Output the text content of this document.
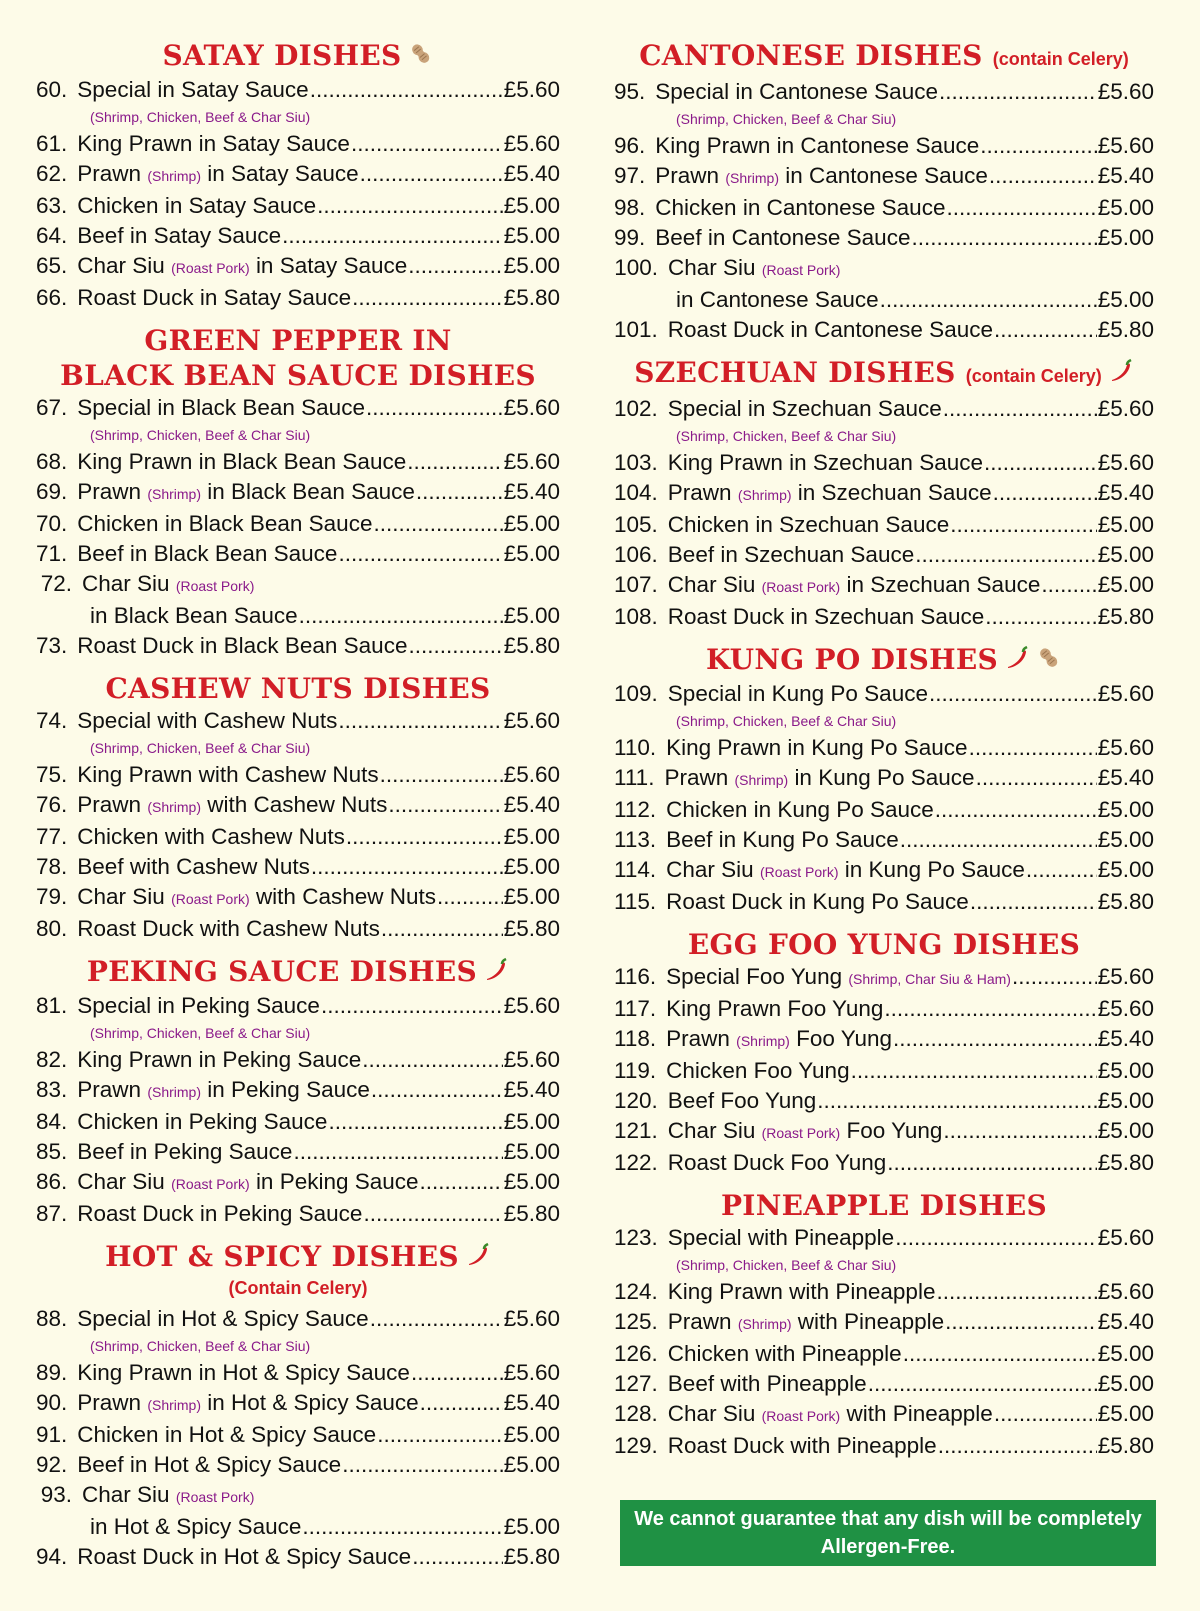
SATAY DISHES
60. Special in Satay Sauce .....	£5.60
(Shrimp, Chicken, Beef & Char Siu)
61. King Prawn in Satay Sauce .....	£5.60
62. Prawn (Shrimp) in Satay Sauce .....	£5.40
63. Chicken in Satay Sauce .....	£5.00
64. Beef in Satay Sauce .....	£5.00
65. Char Siu (Roast Pork) in Satay Sauce .....	£5.00
66. Roast Duck in Satay Sauce .....	£5.80
GREEN PEPPER IN
BLACK BEAN SAUCE DISHES
67. Special in Black Bean Sauce .....	£5.60
(Shrimp, Chicken, Beef & Char Siu)
68. King Prawn in Black Bean Sauce .....	£5.60
69. Prawn (Shrimp) in Black Bean Sauce .....	£5.40
70. Chicken in Black Bean Sauce .....	£5.00
71. Beef in Black Bean Sauce .....	£5.00
72. Char Siu (Roast Pork)
in Black Bean Sauce .....	£5.00
73. Roast Duck in Black Bean Sauce .....	£5.80
CASHEW NUTS DISHES
74. Special with Cashew Nuts .....	£5.60
(Shrimp, Chicken, Beef & Char Siu)
75. King Prawn with Cashew Nuts .....	£5.60
76. Prawn (Shrimp) with Cashew Nuts .....	£5.40
77. Chicken with Cashew Nuts .....	£5.00
78. Beef with Cashew Nuts .....	£5.00
79. Char Siu (Roast Pork) with Cashew Nuts .....	£5.00
80. Roast Duck with Cashew Nuts .....	£5.80
PEKING SAUCE DISHES
81. Special in Peking Sauce .....	£5.60
(Shrimp, Chicken, Beef & Char Siu)
82. King Prawn in Peking Sauce .....	£5.60
83. Prawn (Shrimp) in Peking Sauce .....	£5.40
84. Chicken in Peking Sauce .....	£5.00
85. Beef in Peking Sauce .....	£5.00
86. Char Siu (Roast Pork) in Peking Sauce .....	£5.00
87. Roast Duck in Peking Sauce .....	£5.80
HOT & SPICY DISHES
(Contain Celery)
88. Special in Hot & Spicy Sauce .....	£5.60
(Shrimp, Chicken, Beef & Char Siu)
89. King Prawn in Hot & Spicy Sauce .....	£5.60
90. Prawn (Shrimp) in Hot & Spicy Sauce .....	£5.40
91. Chicken in Hot & Spicy Sauce .....	£5.00
92. Beef in Hot & Spicy Sauce .....	£5.00
93. Char Siu (Roast Pork)
in Hot & Spicy Sauce .....	£5.00
94. Roast Duck in Hot & Spicy Sauce .....	£5.80
CANTONESE DISHES (contain Celery)
95. Special in Cantonese Sauce .....	£5.60
(Shrimp, Chicken, Beef & Char Siu)
96. King Prawn in Cantonese Sauce .....	£5.60
97. Prawn (Shrimp) in Cantonese Sauce .....	£5.40
98. Chicken in Cantonese Sauce .....	£5.00
99. Beef in Cantonese Sauce .....	£5.00
100. Char Siu (Roast Pork)
in Cantonese Sauce .....	£5.00
101. Roast Duck in Cantonese Sauce .....	£5.80
SZECHUAN DISHES (contain Celery)
102. Special in Szechuan Sauce .....	£5.60
(Shrimp, Chicken, Beef & Char Siu)
103. King Prawn in Szechuan Sauce .....	£5.60
104. Prawn (Shrimp) in Szechuan Sauce .....	£5.40
105. Chicken in Szechuan Sauce .....	£5.00
106. Beef in Szechuan Sauce .....	£5.00
107. Char Siu (Roast Pork) in Szechuan Sauce .....	£5.00
108. Roast Duck in Szechuan Sauce .....	£5.80
KUNG PO DISHES
109. Special in Kung Po Sauce .....	£5.60
(Shrimp, Chicken, Beef & Char Siu)
110. King Prawn in Kung Po Sauce .....	£5.60
111. Prawn (Shrimp) in Kung Po Sauce .....	£5.40
112. Chicken in Kung Po Sauce .....	£5.00
113. Beef in Kung Po Sauce .....	£5.00
114. Char Siu (Roast Pork) in Kung Po Sauce .....	£5.00
115. Roast Duck in Kung Po Sauce .....	£5.80
EGG FOO YUNG DISHES
116. Special Foo Yung (Shrimp, Char Siu & Ham) .....	£5.60
117. King Prawn Foo Yung .....	£5.60
118. Prawn (Shrimp) Foo Yung .....	£5.40
119. Chicken Foo Yung .....	£5.00
120. Beef Foo Yung .....	£5.00
121. Char Siu (Roast Pork) Foo Yung .....	£5.00
122. Roast Duck Foo Yung .....	£5.80
PINEAPPLE DISHES
123. Special with Pineapple .....	£5.60
(Shrimp, Chicken, Beef & Char Siu)
124. King Prawn with Pineapple .....	£5.60
125. Prawn (Shrimp) with Pineapple .....	£5.40
126. Chicken with Pineapple .....	£5.00
127. Beef with Pineapple .....	£5.00
128. Char Siu (Roast Pork) with Pineapple .....	£5.00
129. Roast Duck with Pineapple .....	£5.80
We cannot guarantee that any dish will be completely Allergen-Free.
